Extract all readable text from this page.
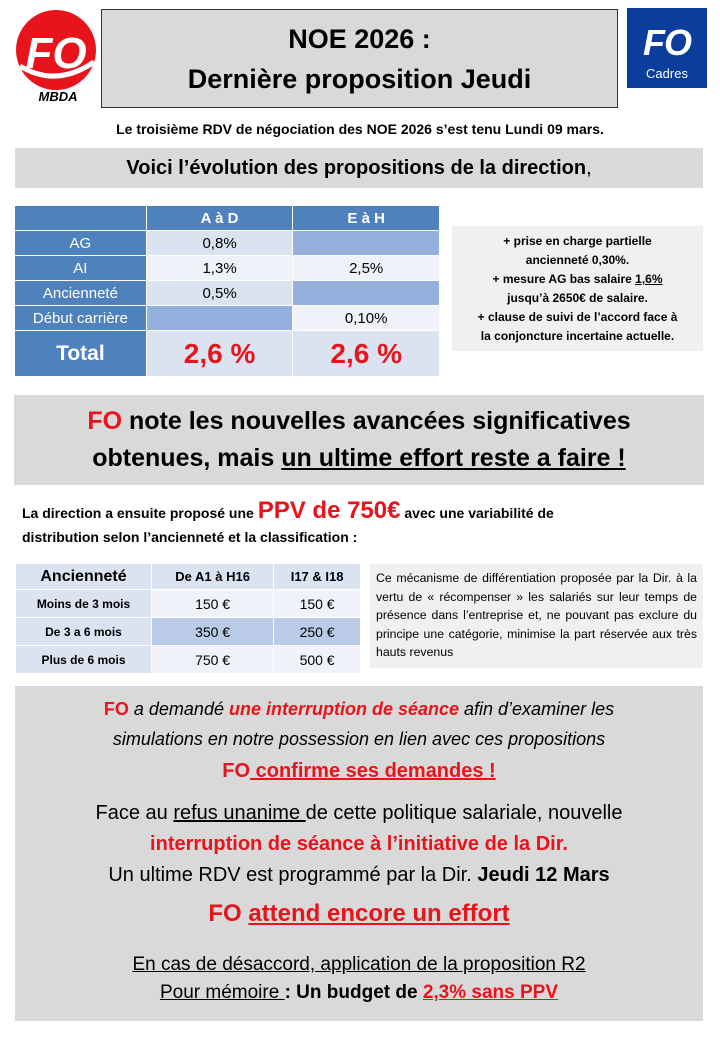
FO
MBDA
NOE 2026 :
Dernière proposition Jeudi
FO
Cadres
Le troisième RDV de négociation des NOE 2026 s’est tenu Lundi 09 mars.
Voici l’évolution des propositions de la direction,
	A à D	E à H
AG	0,8%	
AI	1,3%	2,5%
Ancienneté	0,5%	
Début carrière		0,10%
Total	2,6 %	2,6 %
+ prise en charge partielle
ancienneté 0,30%.
+ mesure AG bas salaire 1,6%
jusqu’à 2650€ de salaire.
+ clause de suivi de l’accord face à
la conjoncture incertaine actuelle.
FO note les nouvelles avancées significatives
obtenues, mais un ultime effort reste a faire !
La direction a ensuite proposé une PPV de 750€ avec une variabilité de
distribution selon l’ancienneté et la classification :
Ancienneté	De A1 à H16	I17 & I18
Moins de 3 mois	150 €	150 €
De 3 a 6 mois	350 €	250 €
Plus de 6 mois	750 €	500 €
Ce mécanisme de différentiation proposée par la Dir. à la vertu de « récompenser » les salariés sur leur temps de présence dans l’entreprise et, ne pouvant pas exclure du principe une catégorie, minimise la part réservée aux très hauts revenus
FO a demandé une interruption de séance afin d’examiner les
simulations en notre possession en lien avec ces propositions
FO confirme ses demandes !
Face au refus unanime de cette politique salariale, nouvelle
interruption de séance à l’initiative de la Dir.
Un ultime RDV est programmé par la Dir. Jeudi 12 Mars
FO attend encore un effort
En cas de désaccord, application de la proposition R2
Pour mémoire : Un budget de 2,3% sans PPV
